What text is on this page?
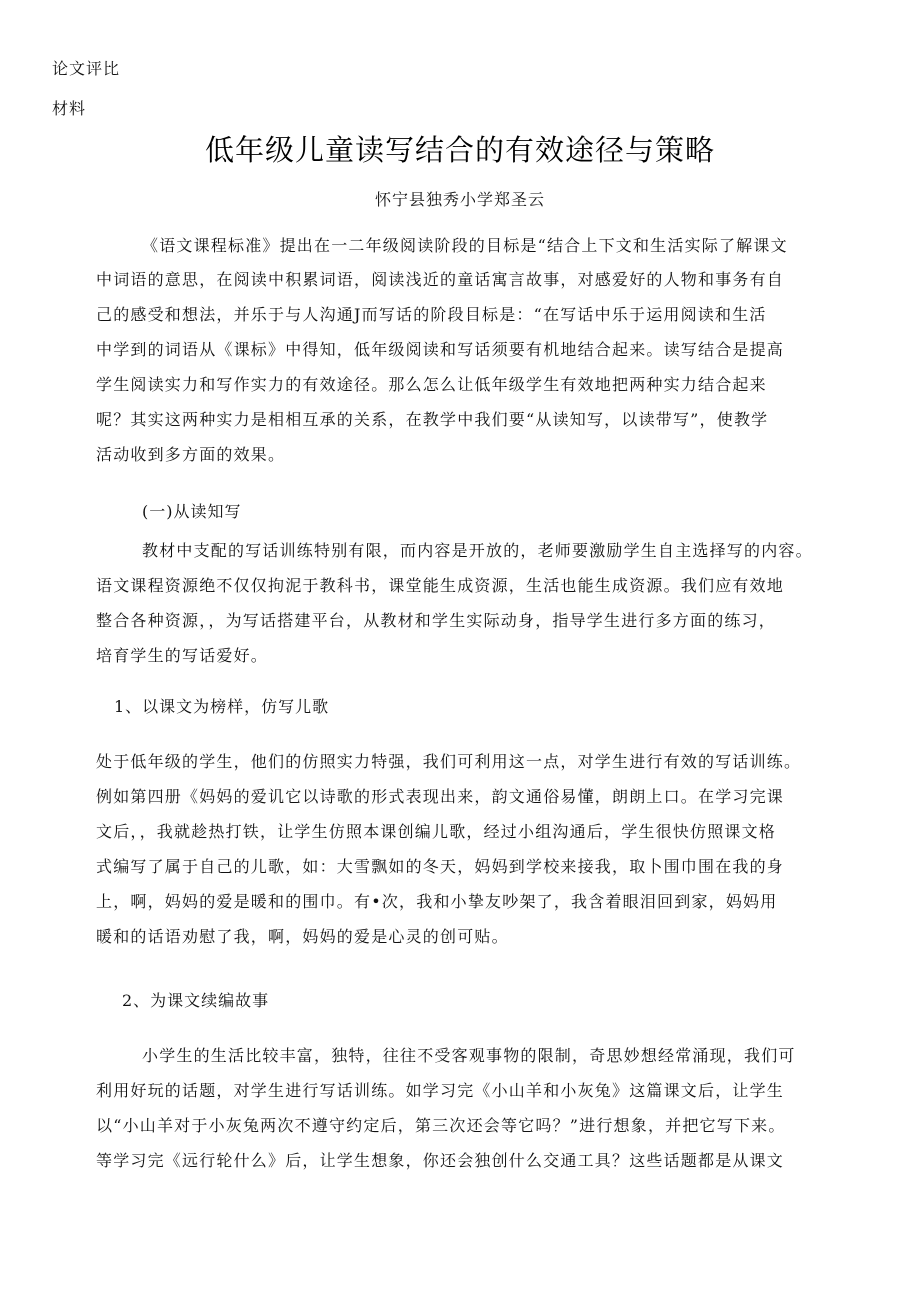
论文评比
材料
低年级儿童读写结合的有效途径与策略
怀宁县独秀小学郑圣云
《语文课程标准》提出在一二年级阅读阶段的目标是“结合上下文和生活实际了解课文
中词语的意思，在阅读中积累词语，阅读浅近的童话寓言故事，对感爱好的人物和事务有自
己的感受和想法，并乐于与人沟通J而写话的阶段目标是：“在写话中乐于运用阅读和生活
中学到的词语从《课标》中得知，低年级阅读和写话须要有机地结合起来。读写结合是提高
学生阅读实力和写作实力的有效途径。那么怎么让低年级学生有效地把两种实力结合起来
呢？其实这两种实力是相相互承的关系，在教学中我们要“从读知写，以读带写”，使教学
活动收到多方面的效果。
(一)从读知写
教材中支配的写话训练特别有限，而内容是开放的，老师要激励学生自主选择写的内容。
语文课程资源绝不仅仅拘泥于教科书，课堂能生成资源，生活也能生成资源。我们应有效地
整合各种资源，，为写话搭建平台，从教材和学生实际动身，指导学生进行多方面的练习，
培育学生的写话爱好。
1、以课文为榜样，仿写儿歌
处于低年级的学生，他们的仿照实力特强，我们可利用这一点，对学生进行有效的写话训练。
例如第四册《妈妈的爱讥它以诗歌的形式表现出来，韵文通俗易懂，朗朗上口。在学习完课
文后，，我就趁热打铁，让学生仿照本课创编儿歌，经过小组沟通后，学生很快仿照课文格
式编写了属于自己的儿歌，如：大雪飘如的冬天，妈妈到学校来接我，取卜围巾围在我的身
上，啊，妈妈的爱是暖和的围巾。有•次，我和小挚友吵架了，我含着眼泪回到家，妈妈用
暖和的话语劝慰了我，啊，妈妈的爱是心灵的创可贴。
2、为课文续编故事
小学生的生活比较丰富，独特，往往不受客观事物的限制，奇思妙想经常涌现，我们可
利用好玩的话题，对学生进行写话训练。如学习完《小山羊和小灰兔》这篇课文后，让学生
以“小山羊对于小灰兔两次不遵守约定后，第三次还会等它吗？”进行想象，并把它写下来。
等学习完《远行轮什么》后，让学生想象，你还会独创什么交通工具？这些话题都是从课文
